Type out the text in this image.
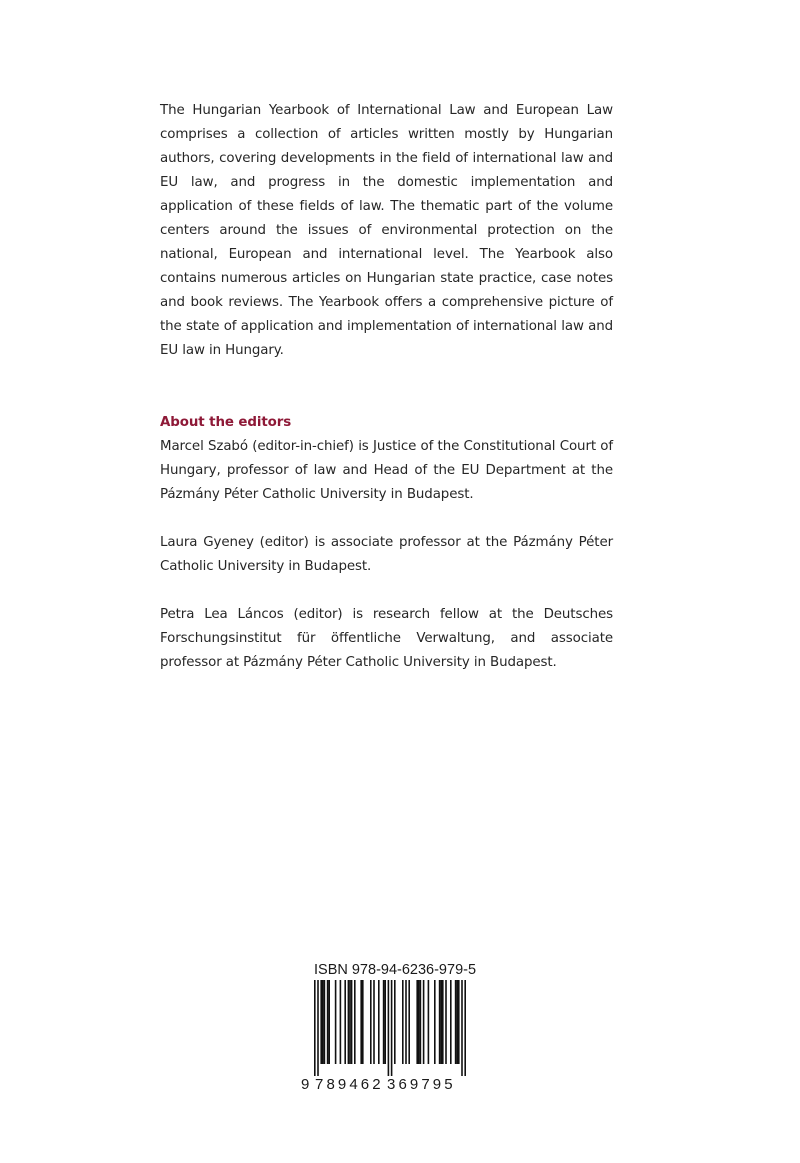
The Hungarian Yearbook of International Law and European Law comprises a collection of articles written mostly by Hungarian authors, covering developments in the field of international law and EU law, and progress in the domestic implementation and application of these fields of law. The thematic part of the volume centers around the issues of environmental protection on the national, European and international level. The Yearbook also contains numerous articles on Hungarian state practice, case notes and book reviews. The Yearbook offers a comprehensive picture of the state of application and implementation of international law and EU law in Hungary.

About the editors

Marcel Szabó (editor-in-chief) is Justice of the Constitutional Court of Hungary, professor of law and Head of the EU Department at the Pázmány Péter Catholic University in Budapest.

Laura Gyeney (editor) is associate professor at the Pázmány Péter Catholic University in Budapest.

Petra Lea Láncos (editor) is research fellow at the Deutsches Forschungsinstitut für öffentliche Verwaltung, and associate professor at Pázmány Péter Catholic University in Budapest.

ISBN 978-94-6236-979-5
9 789462 369795
